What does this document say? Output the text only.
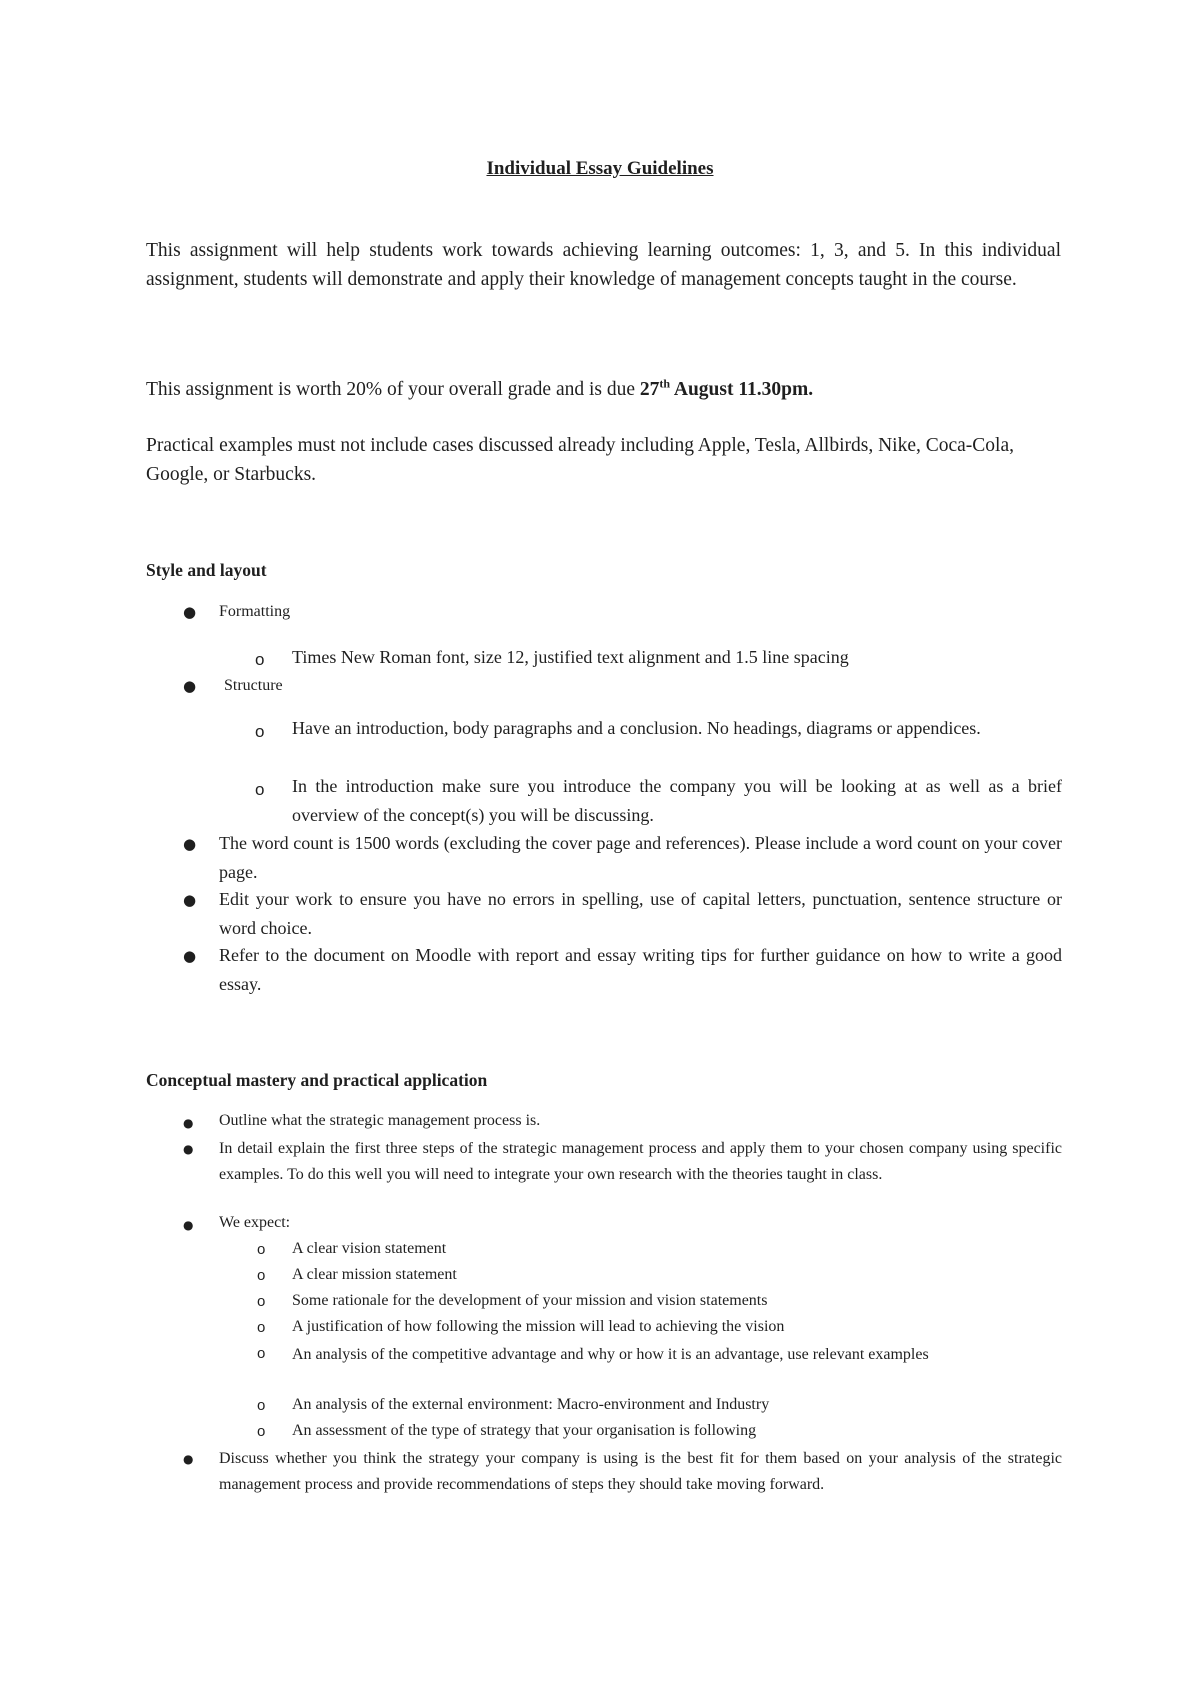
Individual Essay Guidelines

This assignment will help students work towards achieving learning outcomes: 1, 3, and 5. In this individual assignment, students will demonstrate and apply their knowledge of management concepts taught in the course.

This assignment is worth 20% of your overall grade and is due 27th August 11.30pm.

Practical examples must not include cases discussed already including Apple, Tesla, Allbirds, Nike, Coca-Cola, Google, or Starbucks.

Style and layout
● Formatting

o Times New Roman font, size 12, justified text alignment and 1.5 line spacing

● Structure

o Have an introduction, body paragraphs and a conclusion. No headings, diagrams or appendices.

o In the introduction make sure you introduce the company you will be looking at as well as a brief overview of the concept(s) you will be discussing.

● The word count is 1500 words (excluding the cover page and references). Please include a word count on your cover page.

● Edit your work to ensure you have no errors in spelling, use of capital letters, punctuation, sentence structure or word choice.

● Refer to the document on Moodle with report and essay writing tips for further guidance on how to write a good essay.

Conceptual mastery and practical application
● Outline what the strategic management process is.

● In detail explain the first three steps of the strategic management process and apply them to your chosen company using specific examples. To do this well you will need to integrate your own research with the theories taught in class.

● We expect:

o A clear vision statement

o A clear mission statement

o Some rationale for the development of your mission and vision statements

o A justification of how following the mission will lead to achieving the vision

o An analysis of the competitive advantage and why or how it is an advantage, use relevant examples

o An analysis of the external environment: Macro-environment and Industry

o An assessment of the type of strategy that your organisation is following

● Discuss whether you think the strategy your company is using is the best fit for them based on your analysis of the strategic management process and provide recommendations of steps they should take moving forward.
